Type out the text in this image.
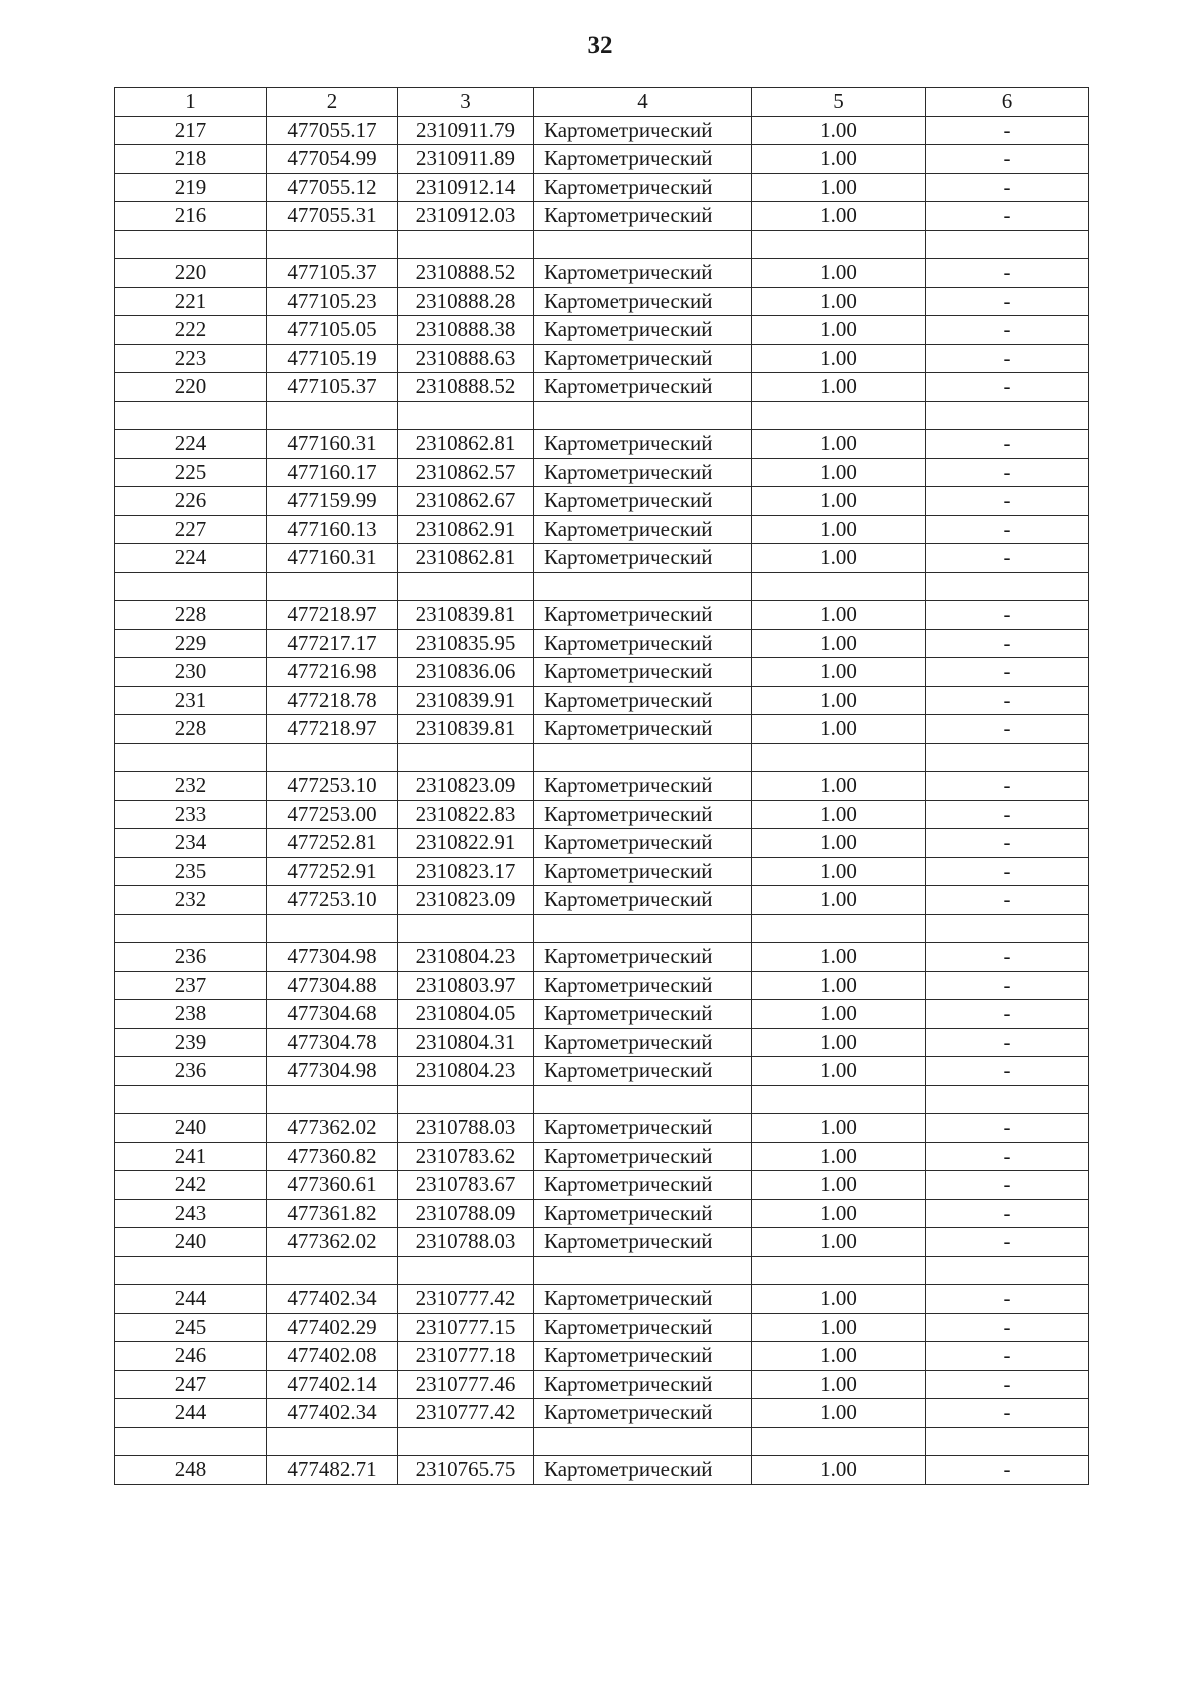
32
1	2	3	4	5	6
217	477055.17	2310911.79	Картометрический	1.00	-
218	477054.99	2310911.89	Картометрический	1.00	-
219	477055.12	2310912.14	Картометрический	1.00	-
216	477055.31	2310912.03	Картометрический	1.00	-

220	477105.37	2310888.52	Картометрический	1.00	-
221	477105.23	2310888.28	Картометрический	1.00	-
222	477105.05	2310888.38	Картометрический	1.00	-
223	477105.19	2310888.63	Картометрический	1.00	-
220	477105.37	2310888.52	Картометрический	1.00	-

224	477160.31	2310862.81	Картометрический	1.00	-
225	477160.17	2310862.57	Картометрический	1.00	-
226	477159.99	2310862.67	Картометрический	1.00	-
227	477160.13	2310862.91	Картометрический	1.00	-
224	477160.31	2310862.81	Картометрический	1.00	-

228	477218.97	2310839.81	Картометрический	1.00	-
229	477217.17	2310835.95	Картометрический	1.00	-
230	477216.98	2310836.06	Картометрический	1.00	-
231	477218.78	2310839.91	Картометрический	1.00	-
228	477218.97	2310839.81	Картометрический	1.00	-

232	477253.10	2310823.09	Картометрический	1.00	-
233	477253.00	2310822.83	Картометрический	1.00	-
234	477252.81	2310822.91	Картометрический	1.00	-
235	477252.91	2310823.17	Картометрический	1.00	-
232	477253.10	2310823.09	Картометрический	1.00	-

236	477304.98	2310804.23	Картометрический	1.00	-
237	477304.88	2310803.97	Картометрический	1.00	-
238	477304.68	2310804.05	Картометрический	1.00	-
239	477304.78	2310804.31	Картометрический	1.00	-
236	477304.98	2310804.23	Картометрический	1.00	-

240	477362.02	2310788.03	Картометрический	1.00	-
241	477360.82	2310783.62	Картометрический	1.00	-
242	477360.61	2310783.67	Картометрический	1.00	-
243	477361.82	2310788.09	Картометрический	1.00	-
240	477362.02	2310788.03	Картометрический	1.00	-

244	477402.34	2310777.42	Картометрический	1.00	-
245	477402.29	2310777.15	Картометрический	1.00	-
246	477402.08	2310777.18	Картометрический	1.00	-
247	477402.14	2310777.46	Картометрический	1.00	-
244	477402.34	2310777.42	Картометрический	1.00	-

248	477482.71	2310765.75	Картометрический	1.00	-
